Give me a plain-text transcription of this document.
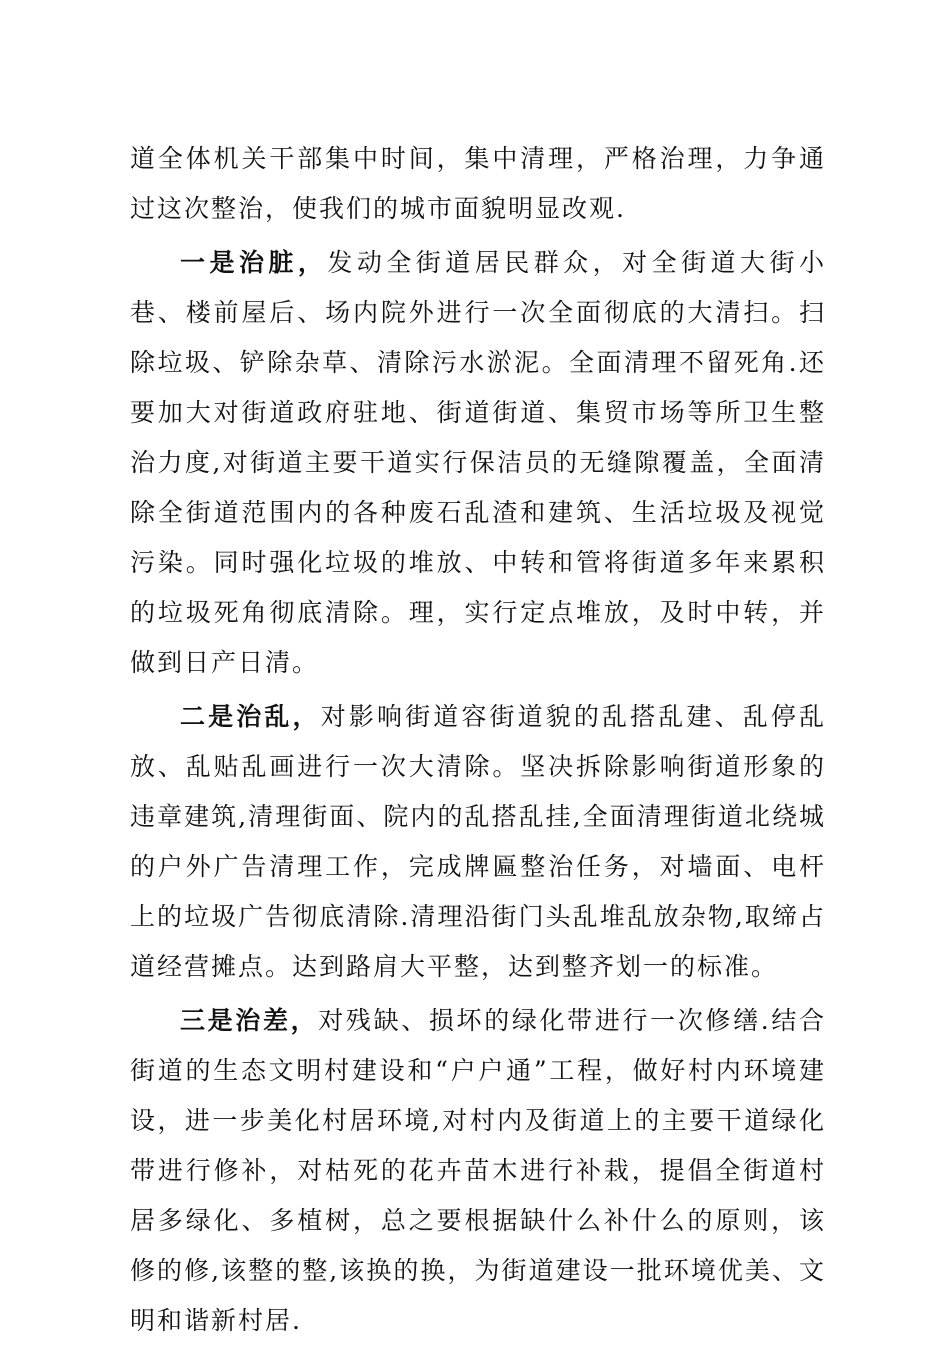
道全体机关干部集中时间，集中清理，严格治理，力争通过这次整治，使我们的城市面貌明显改观.

一是治脏，发动全街道居民群众，对全街道大街小巷、楼前屋后、场内院外进行一次全面彻底的大清扫。扫除垃圾、铲除杂草、清除污水淤泥。全面清理不留死角.还要加大对街道政府驻地、街道街道、集贸市场等所卫生整治力度,对街道主要干道实行保洁员的无缝隙覆盖，全面清除全街道范围内的各种废石乱渣和建筑、生活垃圾及视觉污染。同时强化垃圾的堆放、中转和管将街道多年来累积的垃圾死角彻底清除。理，实行定点堆放，及时中转，并做到日产日清。

二是治乱，对影响街道容街道貌的乱搭乱建、乱停乱放、乱贴乱画进行一次大清除。坚决拆除影响街道形象的违章建筑,清理街面、院内的乱搭乱挂,全面清理街道北绕城的户外广告清理工作，完成牌匾整治任务，对墙面、电杆上的垃圾广告彻底清除.清理沿街门头乱堆乱放杂物,取缔占道经营摊点。达到路肩大平整，达到整齐划一的标准。

三是治差，对残缺、损坏的绿化带进行一次修缮.结合街道的生态文明村建设和“户户通”工程，做好村内环境建设，进一步美化村居环境,对村内及街道上的主要干道绿化带进行修补，对枯死的花卉苗木进行补栽，提倡全街道村居多绿化、多植树，总之要根据缺什么补什么的原则，该修的修,该整的整,该换的换，为街道建设一批环境优美、文明和谐新村居.
